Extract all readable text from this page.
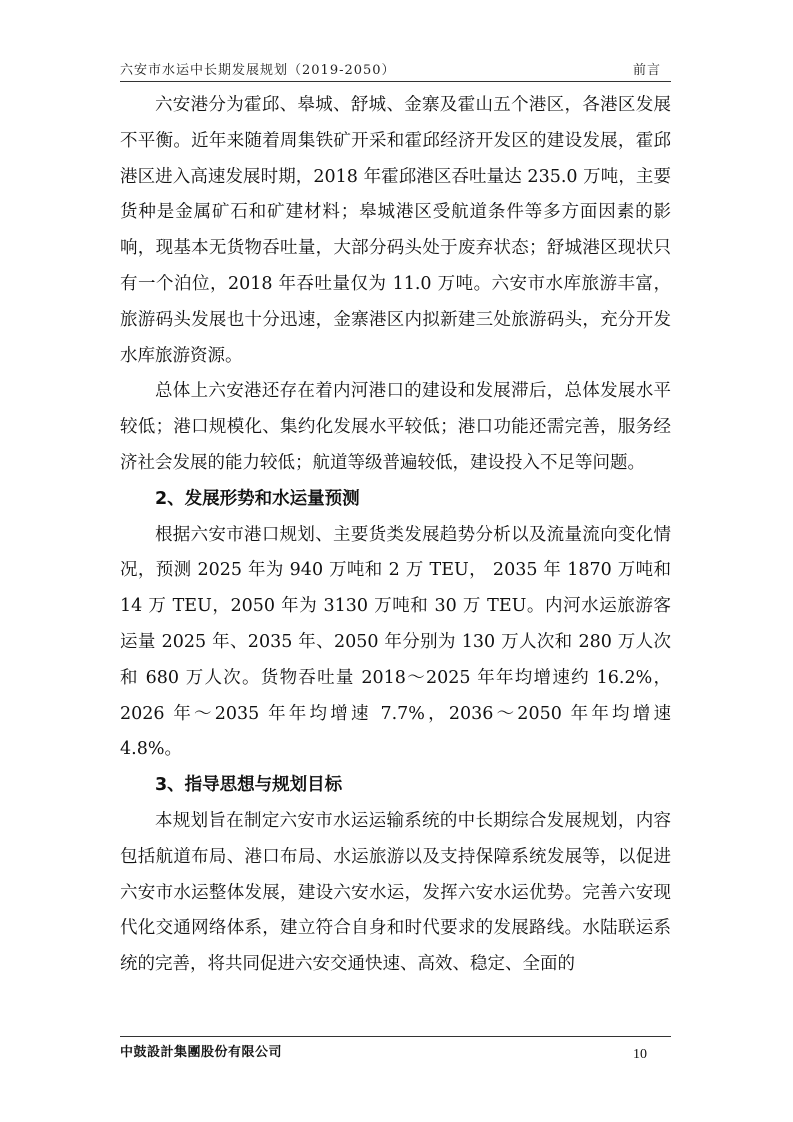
六安市水运中长期发展规划（2019-2050）	前言

六安港分为霍邱、皋城、舒城、金寨及霍山五个港区，各港区发展不平衡。近年来随着周集铁矿开采和霍邱经济开发区的建设发展，霍邱港区进入高速发展时期，2018 年霍邱港区吞吐量达 235.0 万吨，主要货种是金属矿石和矿建材料；皋城港区受航道条件等多方面因素的影响，现基本无货物吞吐量，大部分码头处于废弃状态；舒城港区现状只有一个泊位，2018 年吞吐量仅为 11.0 万吨。六安市水库旅游丰富，旅游码头发展也十分迅速，金寨港区内拟新建三处旅游码头，充分开发水库旅游资源。

总体上六安港还存在着内河港口的建设和发展滞后，总体发展水平较低；港口规模化、集约化发展水平较低；港口功能还需完善，服务经济社会发展的能力较低；航道等级普遍较低，建设投入不足等问题。

2、发展形势和水运量预测

根据六安市港口规划、主要货类发展趋势分析以及流量流向变化情况，预测 2025 年为 940 万吨和 2 万 TEU， 2035 年 1870 万吨和 14 万 TEU，2050 年为 3130 万吨和 30 万 TEU。内河水运旅游客运量 2025 年、2035 年、2050 年分别为 130 万人次和 280 万人次和 680 万人次。货物吞吐量 2018～2025 年年均增速约 16.2%，2026 年～2035 年年均增速 7.7%，2036～2050 年年均增速 4.8%。

3、指导思想与规划目标

本规划旨在制定六安市水运运输系统的中长期综合发展规划，内容包括航道布局、港口布局、水运旅游以及支持保障系统发展等，以促进六安市水运整体发展，建设六安水运，发挥六安水运优势。完善六安现代化交通网络体系，建立符合自身和时代要求的发展路线。水陆联运系统的完善，将共同促进六安交通快速、高效、稳定、全面的

中鼓設計集團股份有限公司	10
